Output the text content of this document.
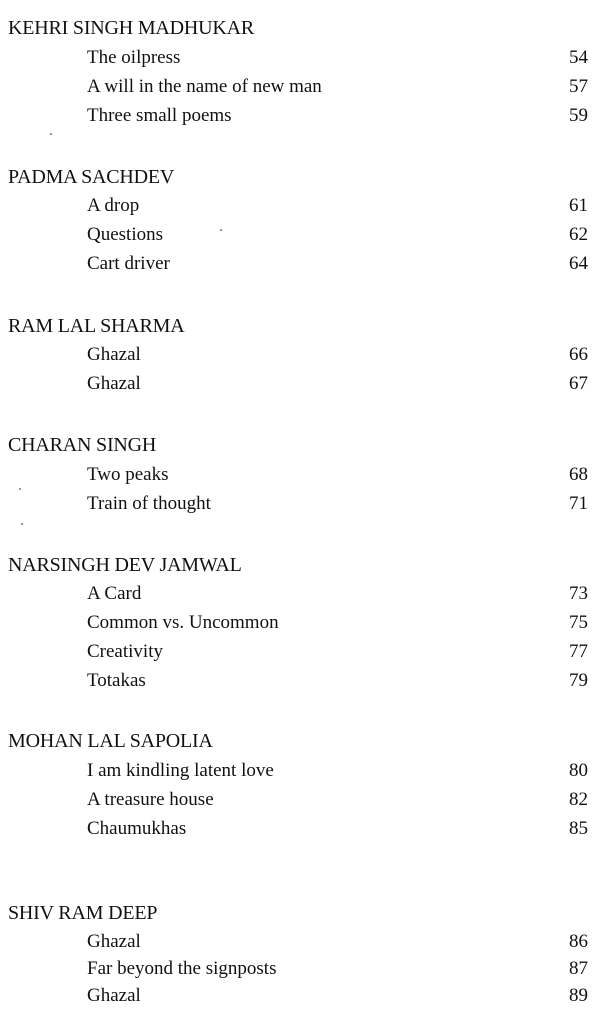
KEHRI SINGH MADHUKAR
The oilpress	54
A will in the name of new man	57
Three small poems	59
PADMA SACHDEV
A drop	61
Questions	62
Cart driver	64
RAM LAL SHARMA
Ghazal	66
Ghazal	67
CHARAN SINGH
Two peaks	68
Train of thought	71
NARSINGH DEV JAMWAL
A Card	73
Common vs. Uncommon	75
Creativity	77
Totakas	79
MOHAN LAL SAPOLIA
I am kindling latent love	80
A treasure house	82
Chaumukhas	85
SHIV RAM DEEP
Ghazal	86
Far beyond the signposts	87
Ghazal	89
